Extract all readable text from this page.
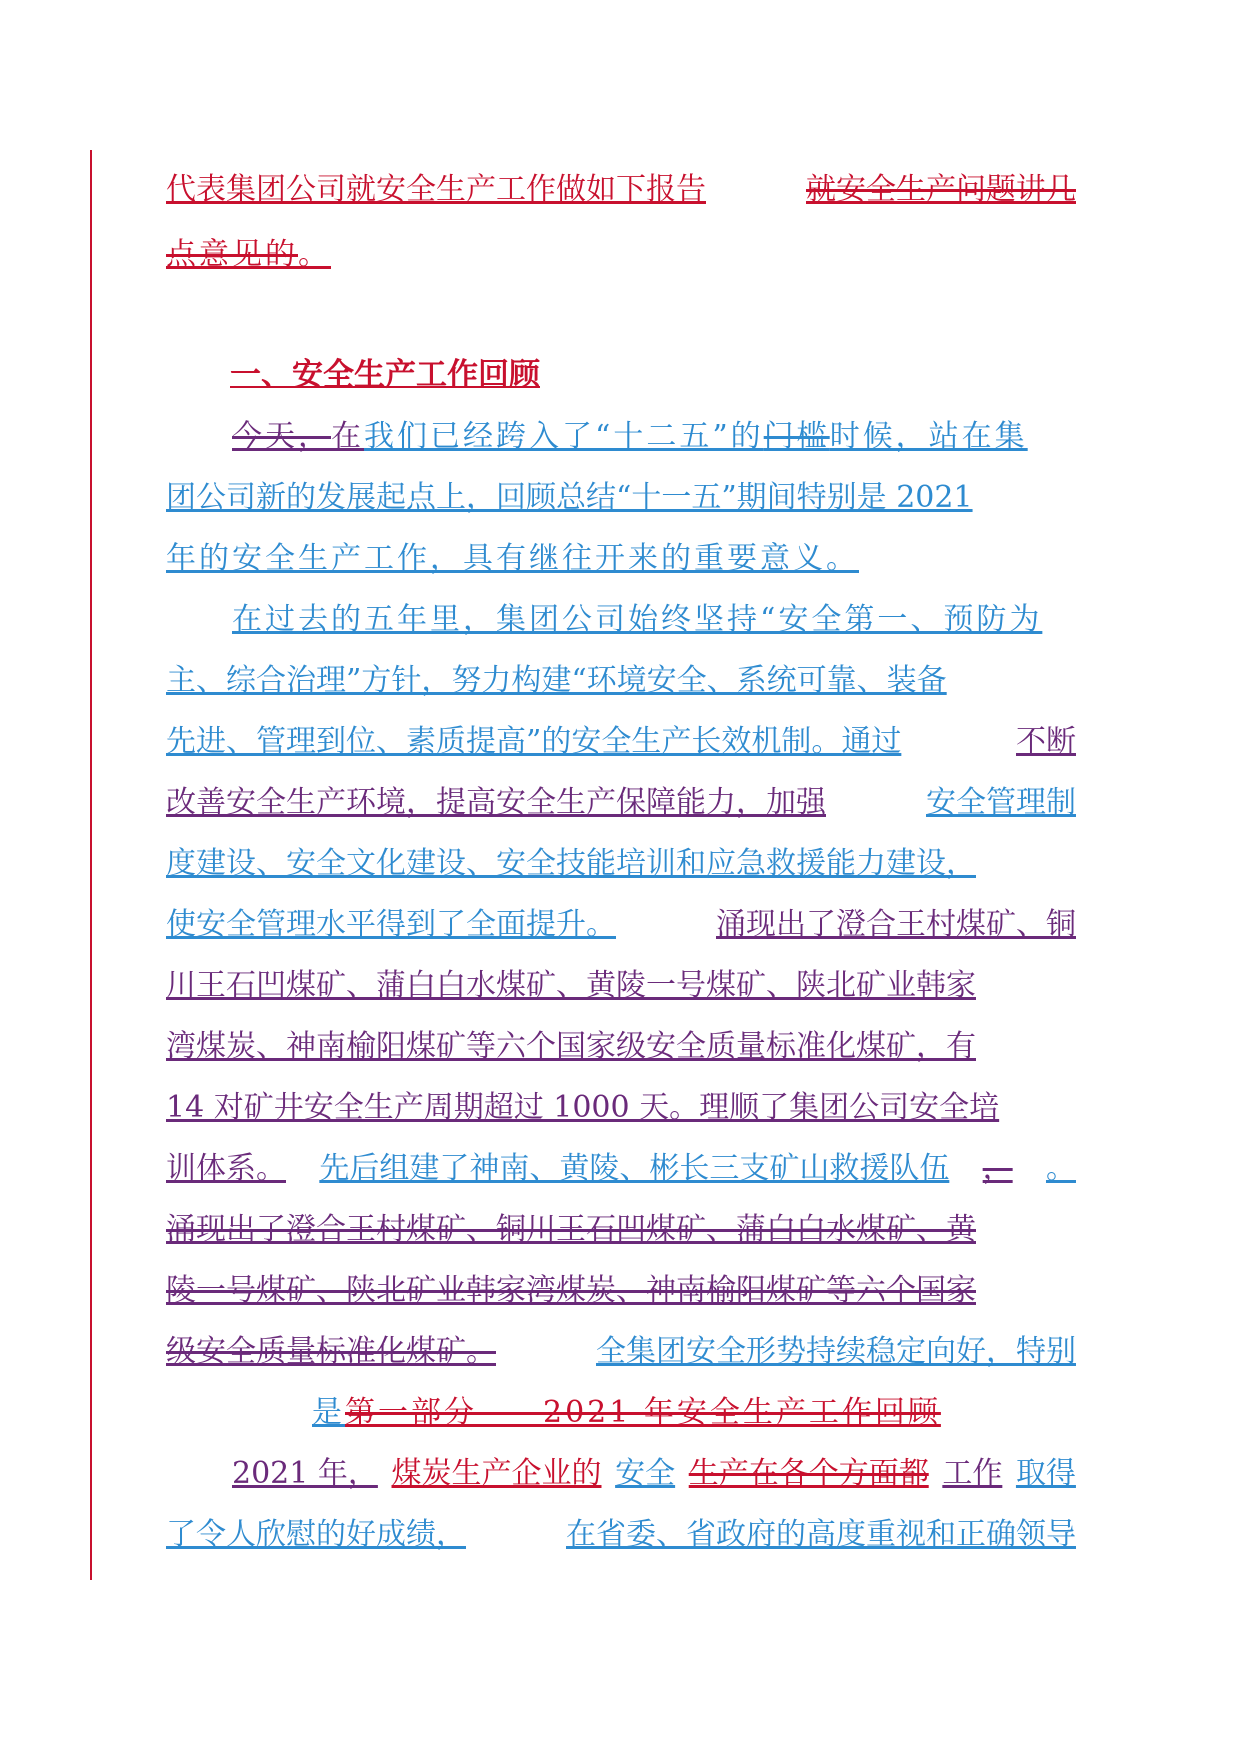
代表集团公司就安全生产工作做如下报告	就安全生产问题讲几
点意见的。
一、安全生产工作回顾
今天，在我们已经跨入了“十二五”的门槛时候，站在集
团公司新的发展起点上，回顾总结“十一五”期间特别是 2021
年的安全生产工作，具有继往开来的重要意义。
在过去的五年里，集团公司始终坚持“安全第一、预防为
主、综合治理”方针，努力构建“环境安全、系统可靠、装备
先进、管理到位、素质提高”的安全生产长效机制。通过	不断
改善安全生产环境，提高安全生产保障能力，加强	安全管理制
度建设、安全文化建设、安全技能培训和应急救援能力建设，
使安全管理水平得到了全面提升。	涌现出了澄合王村煤矿、铜
川王石凹煤矿、蒲白白水煤矿、黄陵一号煤矿、陕北矿业韩家
湾煤炭、神南榆阳煤矿等六个国家级安全质量标准化煤矿，有
14 对矿井安全生产周期超过 1000 天。理顺了集团公司安全培
训体系。 先后组建了神南、黄陵、彬长三支矿山救援队伍 ， 。
涌现出了澄合王村煤矿、铜川王石凹煤矿、蒲白白水煤矿、黄
陵一号煤矿、陕北矿业韩家湾煤炭、神南榆阳煤矿等六个国家
级安全质量标准化煤矿。	全集团安全形势持续稳定向好，特别
是第一部分　　2021 年安全生产工作回顾
2021 年， 煤炭生产企业的 安全 生产在各个方面都 工作 取得
了令人欣慰的好成绩，	在省委、省政府的高度重视和正确领导
